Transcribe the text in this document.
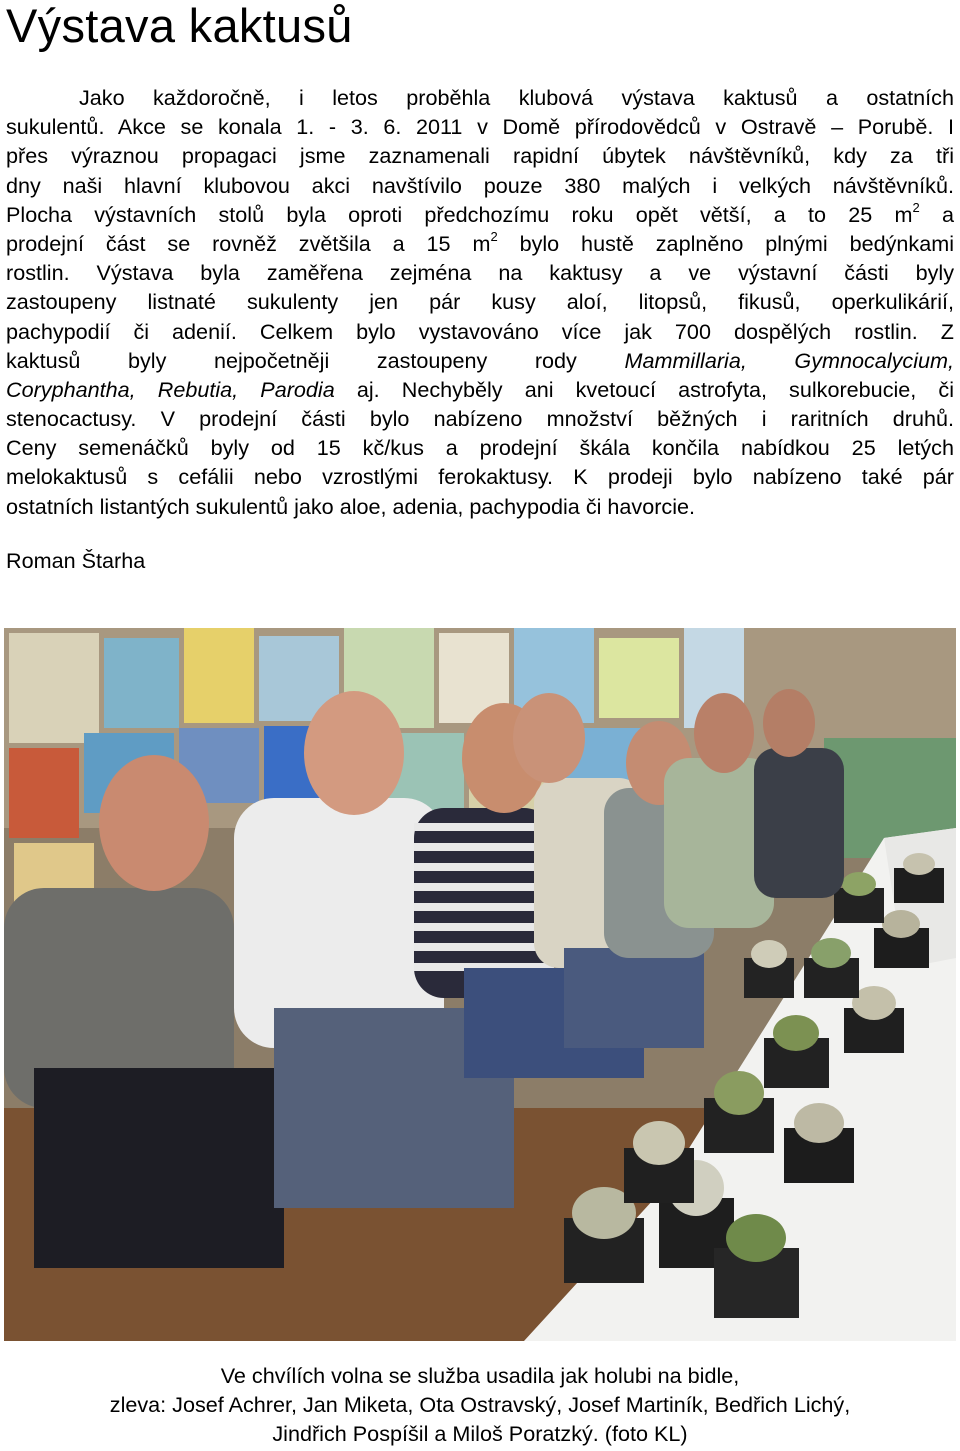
Výstava kaktusů
Jako každoročně, i letos proběhla klubová výstava kaktusů a ostatních
sukulentů. Akce se konala 1. - 3. 6. 2011 v Domě přírodovědců v Ostravě – Porubě. I
přes výraznou propagaci jsme zaznamenali rapidní úbytek návštěvníků, kdy za tři
dny naši hlavní klubovou akci navštívilo pouze 380 malých i velkých návštěvníků.
Plocha výstavních stolů byla oproti předchozímu roku opět větší, a to 25 $m^2$ a
prodejní část se rovněž zvětšila a 15 $m^2$ bylo hustě zaplněno plnými bedýnkami
rostlin. Výstava byla zaměřena zejména na kaktusy a ve výstavní části byly
zastoupeny listnaté sukulenty jen pár kusy aloí, litopsů, fikusů, operkulikárií,
pachypodií či adenií. Celkem bylo vystavováno více jak 700 dospělých rostlin. Z
kaktusů byly nejpočetněji zastoupeny rody Mammillaria, Gymnocalycium,
Coryphantha, Rebutia, Parodia aj. Nechyběly ani kvetoucí astrofyta, sulkorebucie, či
stenocactusy. V prodejní části bylo nabízeno množství běžných i raritních druhů.
Ceny semenáčků byly od 15 kč/kus a prodejní škála končila nabídkou 25 letých
melokaktusů s cefálii nebo vzrostlými ferokaktusy. K prodeji bylo nabízeno také pár
ostatních listantých sukulentů jako aloe, adenia, pachypodia či havorcie.

Roman Štarha

Ve chvílích volna se služba usadila jak holubi na bidle,
zleva: Josef Achrer, Jan Miketa, Ota Ostravský, Josef Martiník, Bedřich Lichý,
Jindřich Pospíšil a Miloš Poratzký. (foto KL)
